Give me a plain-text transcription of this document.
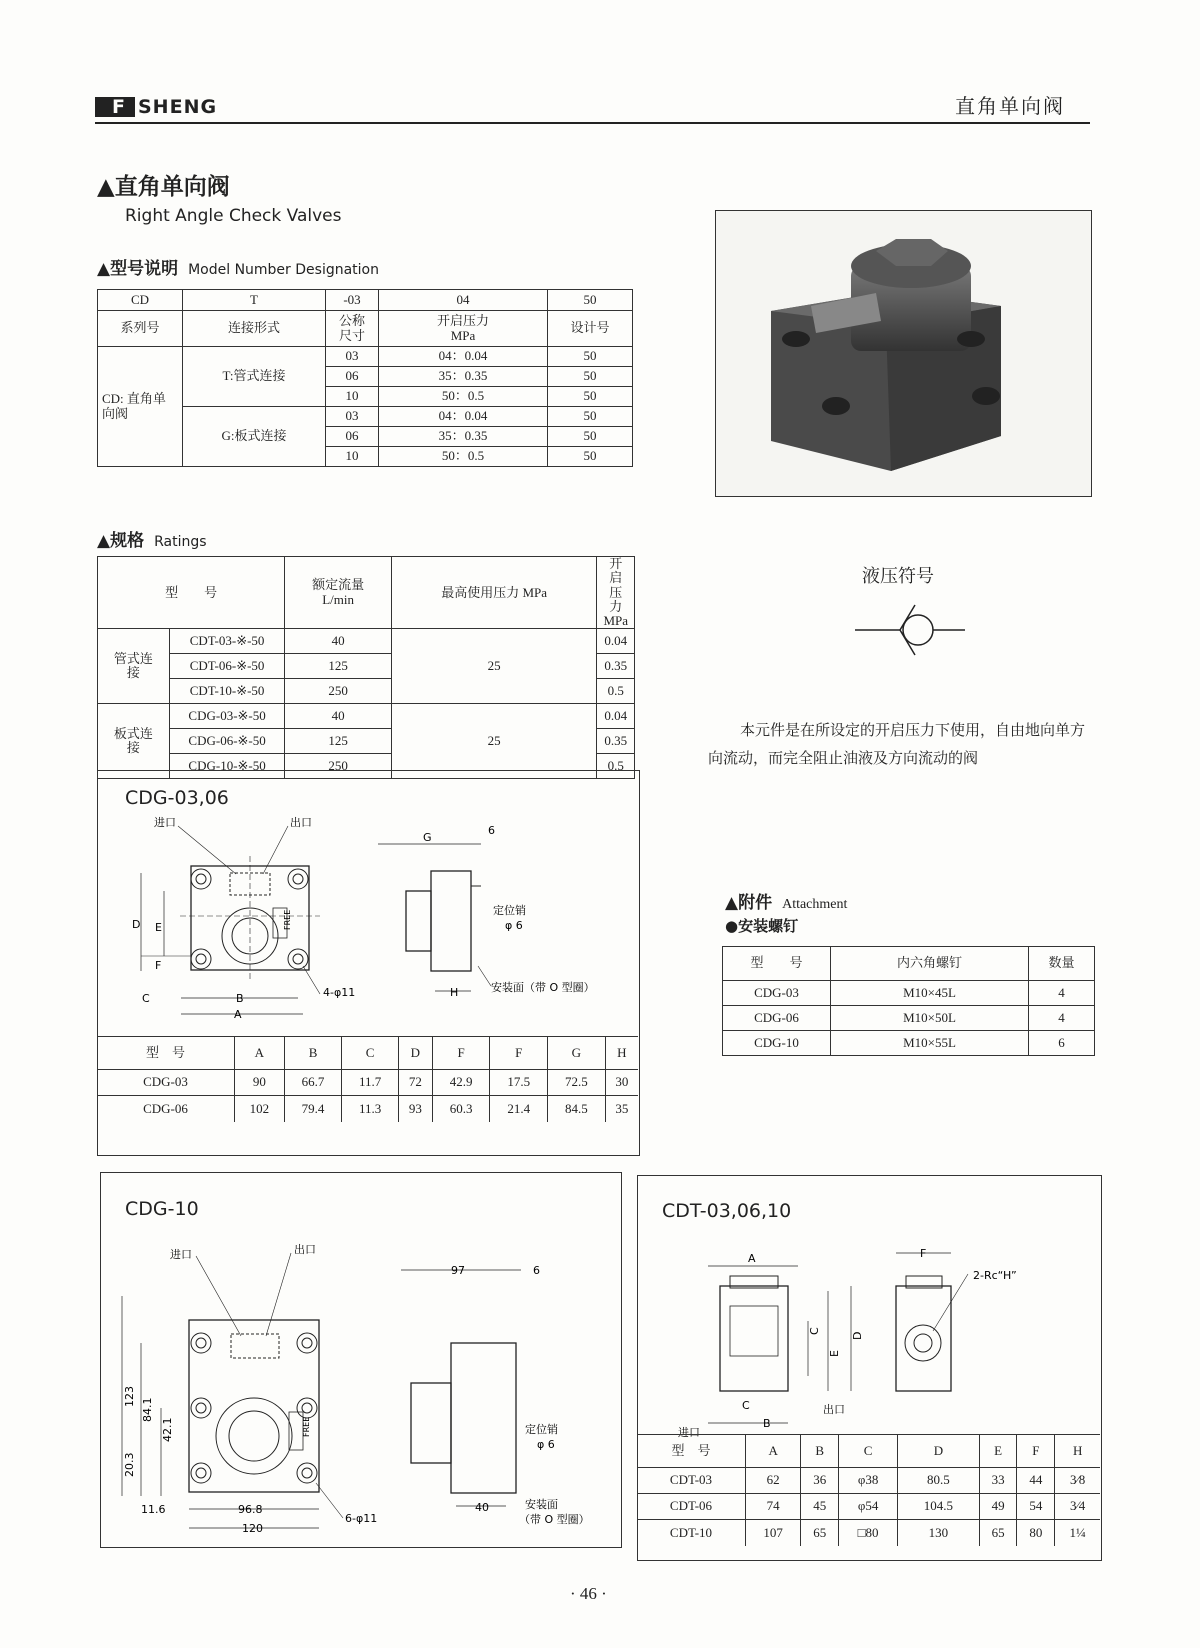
F SHENG	直角单向阀
▲直角单向阀
Right Angle Check Valves
▲型号说明 Model Number Designation
CD	T	-03	04	50
系列号	连接形式	公称尺寸	开启压力 MPa	设计号
CD: 直角单向阀	T:管式连接	03	04：0.04	50
		06	35：0.35	50
		10	50：0.5	50
	G:板式连接	03	04：0.04	50
		06	35：0.35	50
		10	50：0.5	50
▲规格 Ratings
型　　号		额定流量 L/min	最高使用压力 MPa	开启压力 MPa
管式连接	CDT-03-※-50	40	25	0.04
	CDT-06-※-50	125		0.35
	CDT-10-※-50	250		0.5
板式连接	CDG-03-※-50	40	25	0.04
	CDG-06-※-50	125		0.35
	CDG-10-※-50	250		0.5
液压符号
本元件是在所设定的开启压力下使用，自由地向单方向流动，而完全阻止油液及方向流动的阀
▲附件 Attachment
●安装螺钉
型　　号	内六角螺钉	数量
CDG-03	M10×45L	4
CDG-06	M10×50L	4
CDG-10	M10×55L	6
CDG-03,06
FREE
D E
F
C	B
A
进口	出口
4-φ11
G
6
H
定位销
φ 6
安装面（带 O 型圈）
型　号	A	B	C	D	F	F	G	H
CDG-03	90	66.7	11.7	72	42.9	17.5	72.5	30
CDG-06	102	79.4	11.3	93	60.3	21.4	84.5	35
CDG-10
FREE
进口	出口
123
84.1
42.1
20.3
11.6	96.8
120
6-φ11
97	6
40
定位销
φ 6
安装面
（带 O 型圈）
CDT-03,06,10
A
B
C
E
C
D
进口
出口
F
2-Rc“H”
型　号	A	B	C	D	E	F	H
CDT-03	62	36	φ38	80.5	33	44	3⁄8
CDT-06	74	45	φ54	104.5	49	54	3⁄4
CDT-10	107	65	□80	130	65	80	1¼
· 46 ·
